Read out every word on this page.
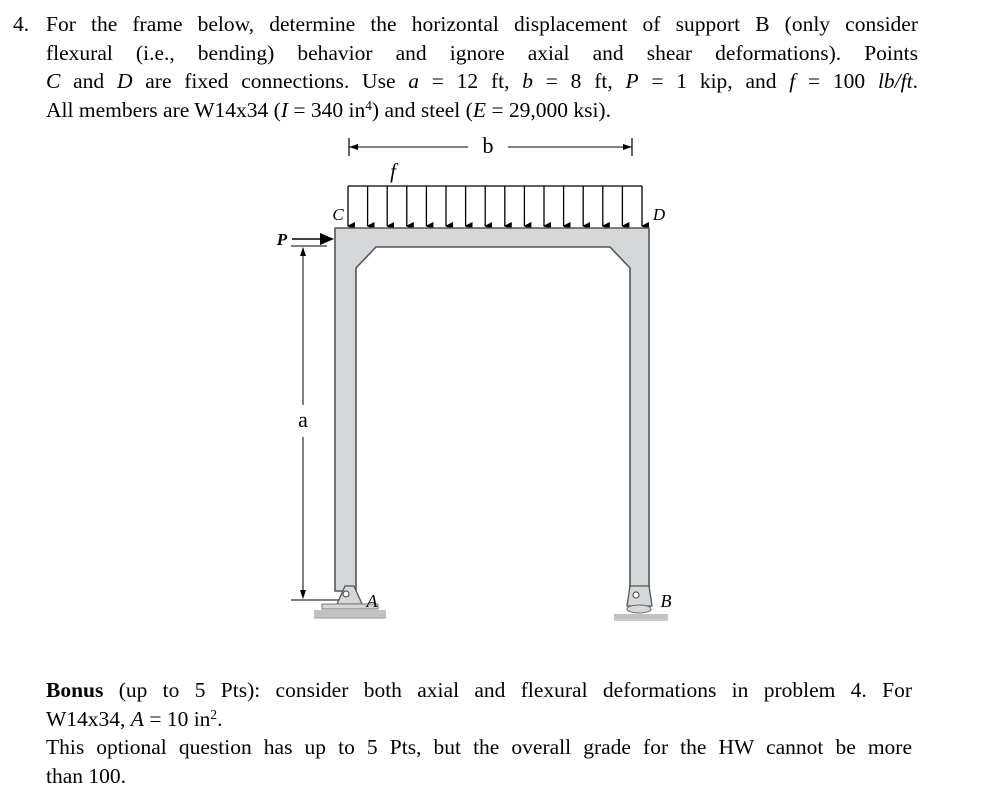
4. For the frame below, determine the horizontal displacement of support B (only consider
flexural (i.e., bending) behavior and ignore axial and shear deformations). Points
C and D are fixed connections. Use a = 12 ft, b = 8 ft, P = 1 kip, and f = 100 lb/ft.
All members are W14x34 (I = 340 $in^4$) and steel (E = 29,000 ksi).
b
f
C	D
P
a
A	B
Bonus (up to 5 Pts): consider both axial and flexural deformations in problem 4. For
W14x34, A = 10 $in^2$.
This optional question has up to 5 Pts, but the overall grade for the HW cannot be more
than 100.
